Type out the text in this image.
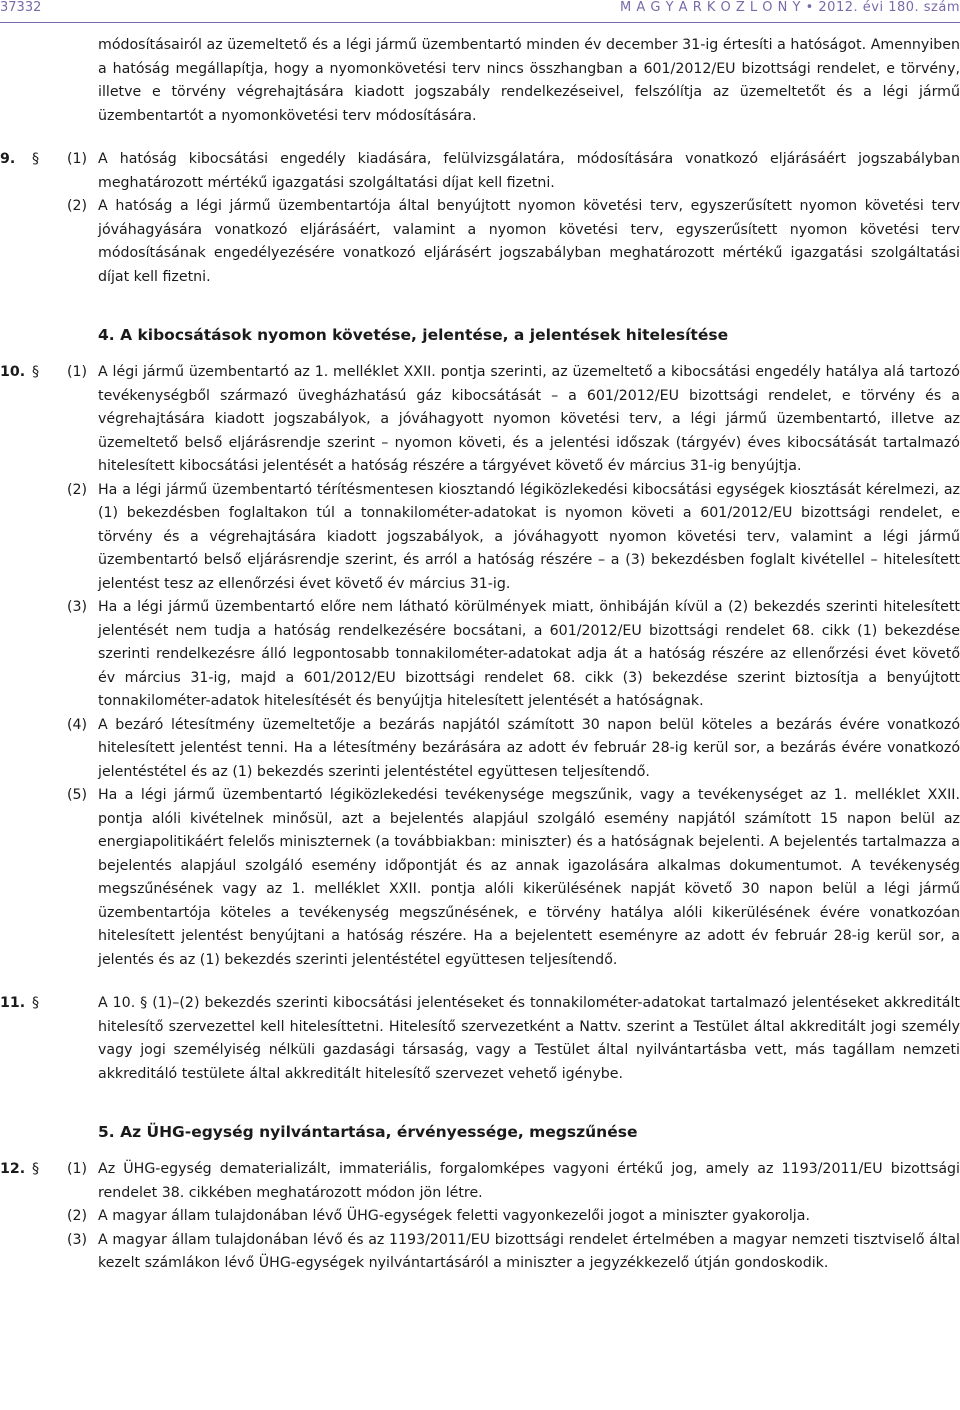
37332	M A G Y A R K Ö Z L Ö N Y • 2012. évi 180. szám
módosításairól az üzemeltető és a légi jármű üzembentartó minden év december 31-ig értesíti a hatóságot. Amennyiben a hatóság megállapítja, hogy a nyomonkövetési terv nincs összhangban a 601/2012/EU bizottsági rendelet, e törvény, illetve e törvény végrehajtására kiadott jogszabály rendelkezéseivel, felszólítja az üzemeltetőt és a légi jármű üzembentartót a nyomonkövetési terv módosítására.
9. § (1) A hatóság kibocsátási engedély kiadására, felülvizsgálatára, módosítására vonatkozó eljárásáért jogszabályban meghatározott mértékű igazgatási szolgáltatási díjat kell fizetni.
(2) A hatóság a légi jármű üzembentartója által benyújtott nyomon követési terv, egyszerűsített nyomon követési terv jóváhagyására vonatkozó eljárásáért, valamint a nyomon követési terv, egyszerűsített nyomon követési terv módosításának engedélyezésére vonatkozó eljárásért jogszabályban meghatározott mértékű igazgatási szolgáltatási díjat kell fizetni.
4. A kibocsátások nyomon követése, jelentése, a jelentések hitelesítése
10. § (1) A légi jármű üzembentartó az 1. melléklet XXII. pontja szerinti, az üzemeltető a kibocsátási engedély hatálya alá tartozó tevékenységből származó üvegházhatású gáz kibocsátását – a 601/2012/EU bizottsági rendelet, e törvény és a végrehajtására kiadott jogszabályok, a jóváhagyott nyomon követési terv, a légi jármű üzembentartó, illetve az üzemeltető belső eljárásrendje szerint – nyomon követi, és a jelentési időszak (tárgyév) éves kibocsátását tartalmazó hitelesített kibocsátási jelentését a hatóság részére a tárgyévet követő év március 31-ig benyújtja.
(2) Ha a légi jármű üzembentartó térítésmentesen kiosztandó légiközlekedési kibocsátási egységek kiosztását kérelmezi, az (1) bekezdésben foglaltakon túl a tonnakilométer-adatokat is nyomon követi a 601/2012/EU bizottsági rendelet, e törvény és a végrehajtására kiadott jogszabályok, a jóváhagyott nyomon követési terv, valamint a légi jármű üzembentartó belső eljárásrendje szerint, és arról a hatóság részére – a (3) bekezdésben foglalt kivétellel – hitelesített jelentést tesz az ellenőrzési évet követő év március 31-ig.
(3) Ha a légi jármű üzembentartó előre nem látható körülmények miatt, önhibáján kívül a (2) bekezdés szerinti hitelesített jelentését nem tudja a hatóság rendelkezésére bocsátani, a 601/2012/EU bizottsági rendelet 68. cikk (1) bekezdése szerinti rendelkezésre álló legpontosabb tonnakilométer-adatokat adja át a hatóság részére az ellenőrzési évet követő év március 31-ig, majd a 601/2012/EU bizottsági rendelet 68. cikk (3) bekezdése szerint biztosítja a benyújtott tonnakilométer-adatok hitelesítését és benyújtja hitelesített jelentését a hatóságnak.
(4) A bezáró létesítmény üzemeltetője a bezárás napjától számított 30 napon belül köteles a bezárás évére vonatkozó hitelesített jelentést tenni. Ha a létesítmény bezárására az adott év február 28-ig kerül sor, a bezárás évére vonatkozó jelentéstétel és az (1) bekezdés szerinti jelentéstétel együttesen teljesítendő.
(5) Ha a légi jármű üzembentartó légiközlekedési tevékenysége megszűnik, vagy a tevékenységet az 1. melléklet XXII. pontja alóli kivételnek minősül, azt a bejelentés alapjául szolgáló esemény napjától számított 15 napon belül az energiapolitikáért felelős miniszternek (a továbbiakban: miniszter) és a hatóságnak bejelenti. A bejelentés tartalmazza a bejelentés alapjául szolgáló esemény időpontját és az annak igazolására alkalmas dokumentumot. A tevékenység megszűnésének vagy az 1. melléklet XXII. pontja alóli kikerülésének napját követő 30 napon belül a légi jármű üzembentartója köteles a tevékenység megszűnésének, e törvény hatálya alóli kikerülésének évére vonatkozóan hitelesített jelentést benyújtani a hatóság részére. Ha a bejelentett eseményre az adott év február 28-ig kerül sor, a jelentés és az (1) bekezdés szerinti jelentéstétel együttesen teljesítendő.
11. §	A 10. § (1)–(2) bekezdés szerinti kibocsátási jelentéseket és tonnakilométer-adatokat tartalmazó jelentéseket akkreditált hitelesítő szervezettel kell hitelesíttetni. Hitelesítő szervezetként a Nattv. szerint a Testület által akkreditált jogi személy vagy jogi személyiség nélküli gazdasági társaság, vagy a Testület által nyilvántartásba vett, más tagállam nemzeti akkreditáló testülete által akkreditált hitelesítő szervezet vehető igénybe.
5. Az ÜHG-egység nyilvántartása, érvényessége, megszűnése
12. § (1) Az ÜHG-egység dematerializált, immateriális, forgalomképes vagyoni értékű jog, amely az 1193/2011/EU bizottsági rendelet 38. cikkében meghatározott módon jön létre.
(2) A magyar állam tulajdonában lévő ÜHG-egységek feletti vagyonkezelői jogot a miniszter gyakorolja.
(3) A magyar állam tulajdonában lévő és az 1193/2011/EU bizottsági rendelet értelmében a magyar nemzeti tisztviselő által kezelt számlákon lévő ÜHG-egységek nyilvántartásáról a miniszter a jegyzékkezelő útján gondoskodik.
